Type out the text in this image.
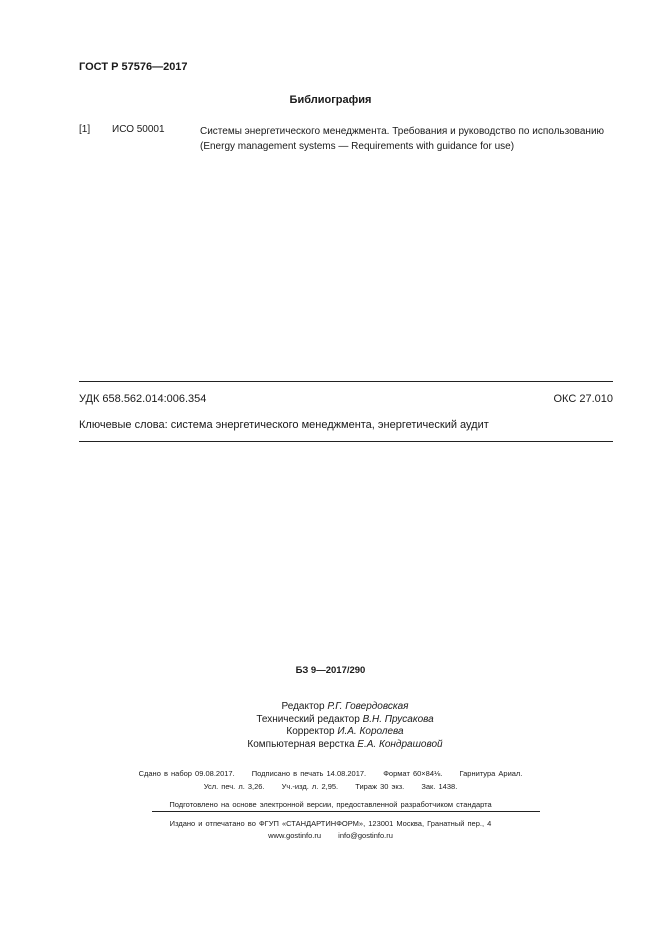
ГОСТ Р 57576—2017
Библиография
[1] ИСО 50001	Системы энергетического менеджмента. Требования и руководство по использованию
(Energy management systems — Requirements with guidance for use)
УДК 658.562.014:006.354	ОКС 27.010
Ключевые слова: система энергетического менеджмента, энергетический аудит
БЗ 9—2017/290
Редактор Р.Г. Говердовская
Технический редактор В.Н. Прусакова
Корректор И.А. Королева
Компьютерная верстка Е.А. Кондрашовой
Сдано в набор 09.08.2017. Подписано в печать 14.08.2017. Формат 60×84⅛. Гарнитура Ариал.
Усл. печ. л. 3,26. Уч.-изд. л. 2,95. Тираж 30 экз. Зак. 1438.
Подготовлено на основе электронной версии, предоставленной разработчиком стандарта
Издано и отпечатано во ФГУП «СТАНДАРТИНФОРМ», 123001 Москва, Гранатный пер., 4
www.gostinfo.ru info@gostinfo.ru
